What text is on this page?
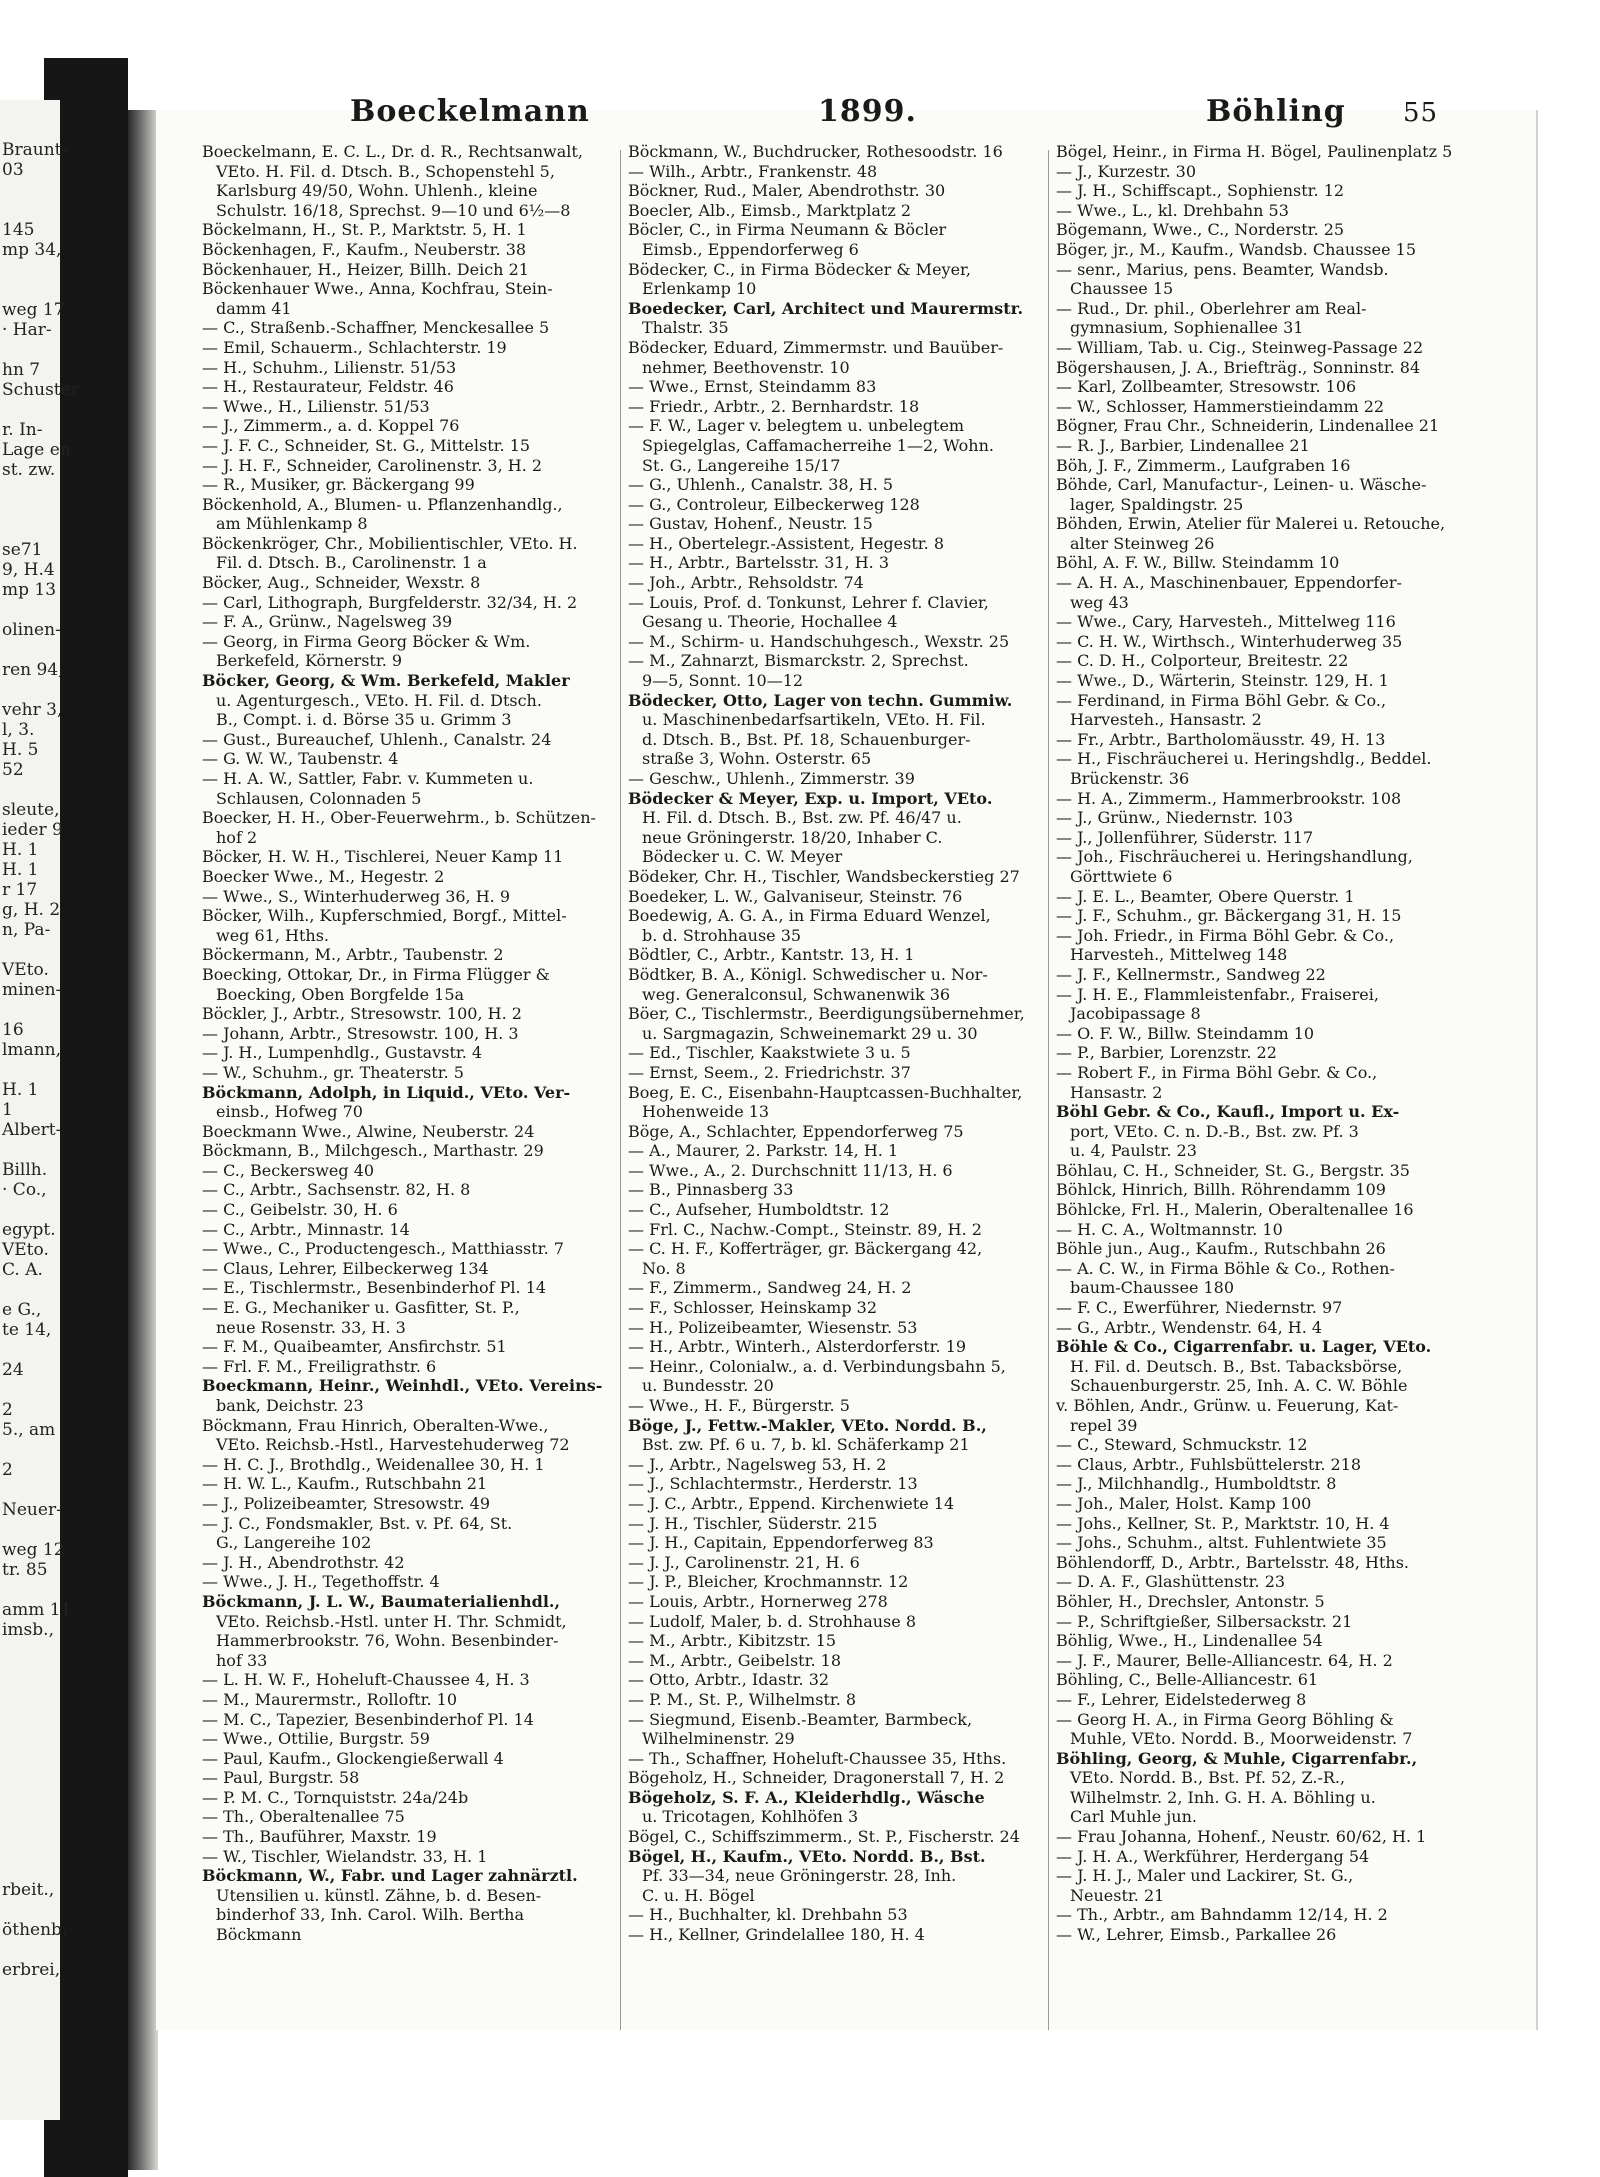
Braunt-
03
145
mp 34,
weg 17
· Har-
hn 7
Schuster
r. In-
Lage en
st. zw.
se71
9, H.4
mp 13
olinen-
ren 94,
vehr 3,
l, 3.
H. 5
52
sleute,
ieder 9
H. 1
H. 1
r 17
g, H. 2
n, Pa-
VEto.
minen-
16
lmann,
H. 1
1
Albert-
Billh.
· Co.,
egypt.
VEto.
C. A.
e G.,
te 14,
24
2
5., am
2
Neuer-
weg 12
tr. 85
amm 11
imsb.,
rbeit.,
öthenb.
erbrei,
Boeckelmann	1899.	Böhling 55
Boeckelmann, E. C. L., Dr. d. R., Rechtsanwalt,
VEto. H. Fil. d. Dtsch. B., Schopenstehl 5,
Karlsburg 49/50, Wohn. Uhlenh., kleine
Schulstr. 16/18, Sprechst. 9—10 und 6½—8
Böckelmann, H., St. P., Marktstr. 5, H. 1
Böckenhagen, F., Kaufm., Neuberstr. 38
Böckenhauer, H., Heizer, Billh. Deich 21
Böckenhauer Wwe., Anna, Kochfrau, Stein-
damm 41
— C., Straßenb.-Schaffner, Menckesallee 5
— Emil, Schauerm., Schlachterstr. 19
— H., Schuhm., Lilienstr. 51/53
— H., Restaurateur, Feldstr. 46
— Wwe., H., Lilienstr. 51/53
— J., Zimmerm., a. d. Koppel 76
— J. F. C., Schneider, St. G., Mittelstr. 15
— J. H. F., Schneider, Carolinenstr. 3, H. 2
— R., Musiker, gr. Bäckergang 99
Böckenhold, A., Blumen- u. Pflanzenhandlg.,
am Mühlenkamp 8
Böckenkröger, Chr., Mobilientischler, VEto. H.
Fil. d. Dtsch. B., Carolinenstr. 1 a
Böcker, Aug., Schneider, Wexstr. 8
— Carl, Lithograph, Burgfelderstr. 32/34, H. 2
— F. A., Grünw., Nagelsweg 39
— Georg, in Firma Georg Böcker & Wm.
Berkefeld, Körnerstr. 9
Böcker, Georg, & Wm. Berkefeld, Makler
u. Agenturgesch., VEto. H. Fil. d. Dtsch.
B., Compt. i. d. Börse 35 u. Grimm 3
— Gust., Bureauchef, Uhlenh., Canalstr. 24
— G. W. W., Taubenstr. 4
— H. A. W., Sattler, Fabr. v. Kummeten u.
Schlausen, Colonnaden 5
Boecker, H. H., Ober-Feuerwehrm., b. Schützen-
hof 2
Böcker, H. W. H., Tischlerei, Neuer Kamp 11
Boecker Wwe., M., Hegestr. 2
— Wwe., S., Winterhuderweg 36, H. 9
Böcker, Wilh., Kupferschmied, Borgf., Mittel-
weg 61, Hths.
Böckermann, M., Arbtr., Taubenstr. 2
Boecking, Ottokar, Dr., in Firma Flügger &
Boecking, Oben Borgfelde 15a
Böckler, J., Arbtr., Stresowstr. 100, H. 2
— Johann, Arbtr., Stresowstr. 100, H. 3
— J. H., Lumpenhdlg., Gustavstr. 4
— W., Schuhm., gr. Theaterstr. 5
Böckmann, Adolph, in Liquid., VEto. Ver-
einsb., Hofweg 70
Boeckmann Wwe., Alwine, Neuberstr. 24
Böckmann, B., Milchgesch., Marthastr. 29
— C., Beckersweg 40
— C., Arbtr., Sachsenstr. 82, H. 8
— C., Geibelstr. 30, H. 6
— C., Arbtr., Minnastr. 14
— Wwe., C., Productengesch., Matthiasstr. 7
— Claus, Lehrer, Eilbeckerweg 134
— E., Tischlermstr., Besenbinderhof Pl. 14
— E. G., Mechaniker u. Gasfitter, St. P.,
neue Rosenstr. 33, H. 3
— F. M., Quaibeamter, Ansfirchstr. 51
— Frl. F. M., Freiligrathstr. 6
Boeckmann, Heinr., Weinhdl., VEto. Vereins-
bank, Deichstr. 23
Böckmann, Frau Hinrich, Oberalten-Wwe.,
VEto. Reichsb.-Hstl., Harvestehuderweg 72
— H. C. J., Brothdlg., Weidenallee 30, H. 1
— H. W. L., Kaufm., Rutschbahn 21
— J., Polizeibeamter, Stresowstr. 49
— J. C., Fondsmakler, Bst. v. Pf. 64, St.
G., Langereihe 102
— J. H., Abendrothstr. 42
— Wwe., J. H., Tegethoffstr. 4
Böckmann, J. L. W., Baumaterialienhdl.,
VEto. Reichsb.-Hstl. unter H. Thr. Schmidt,
Hammerbrookstr. 76, Wohn. Besenbinder-
hof 33
— L. H. W. F., Hoheluft-Chaussee 4, H. 3
— M., Maurermstr., Rolloftr. 10
— M. C., Tapezier, Besenbinderhof Pl. 14
— Wwe., Ottilie, Burgstr. 59
— Paul, Kaufm., Glockengießerwall 4
— Paul, Burgstr. 58
— P. M. C., Tornquiststr. 24a/24b
— Th., Oberaltenallee 75
— Th., Bauführer, Maxstr. 19
— W., Tischler, Wielandstr. 33, H. 1
Böckmann, W., Fabr. und Lager zahnärztl.
Utensilien u. künstl. Zähne, b. d. Besen-
binderhof 33, Inh. Carol. Wilh. Bertha
Böckmann
Böckmann, W., Buchdrucker, Rothesoodstr. 16
— Wilh., Arbtr., Frankenstr. 48
Böckner, Rud., Maler, Abendrothstr. 30
Boecler, Alb., Eimsb., Marktplatz 2
Böcler, C., in Firma Neumann & Böcler
Eimsb., Eppendorferweg 6
Bödecker, C., in Firma Bödecker & Meyer,
Erlenkamp 10
Boedecker, Carl, Architect und Maurermstr.
Thalstr. 35
Bödecker, Eduard, Zimmermstr. und Bauüber-
nehmer, Beethovenstr. 10
— Wwe., Ernst, Steindamm 83
— Friedr., Arbtr., 2. Bernhardstr. 18
— F. W., Lager v. belegtem u. unbelegtem
Spiegelglas, Caffamacherreihe 1—2, Wohn.
St. G., Langereihe 15/17
— G., Uhlenh., Canalstr. 38, H. 5
— G., Controleur, Eilbeckerweg 128
— Gustav, Hohenf., Neustr. 15
— H., Obertelegr.-Assistent, Hegestr. 8
— H., Arbtr., Bartelsstr. 31, H. 3
— Joh., Arbtr., Rehsoldstr. 74
— Louis, Prof. d. Tonkunst, Lehrer f. Clavier,
Gesang u. Theorie, Hochallee 4
— M., Schirm- u. Handschuhgesch., Wexstr. 25
— M., Zahnarzt, Bismarckstr. 2, Sprechst.
9—5, Sonnt. 10—12
Bödecker, Otto, Lager von techn. Gummiw.
u. Maschinenbedarfsartikeln, VEto. H. Fil.
d. Dtsch. B., Bst. Pf. 18, Schauenburger-
straße 3, Wohn. Osterstr. 65
— Geschw., Uhlenh., Zimmerstr. 39
Bödecker & Meyer, Exp. u. Import, VEto.
H. Fil. d. Dtsch. B., Bst. zw. Pf. 46/47 u.
neue Gröningerstr. 18/20, Inhaber C.
Bödecker u. C. W. Meyer
Bödeker, Chr. H., Tischler, Wandsbeckerstieg 27
Boedeker, L. W., Galvaniseur, Steinstr. 76
Boedewig, A. G. A., in Firma Eduard Wenzel,
b. d. Strohhause 35
Bödtler, C., Arbtr., Kantstr. 13, H. 1
Bödtker, B. A., Königl. Schwedischer u. Nor-
weg. Generalconsul, Schwanenwik 36
Böer, C., Tischlermstr., Beerdigungsübernehmer,
u. Sargmagazin, Schweinemarkt 29 u. 30
— Ed., Tischler, Kaakstwiete 3 u. 5
— Ernst, Seem., 2. Friedrichstr. 37
Boeg, E. C., Eisenbahn-Hauptcassen-Buchhalter,
Hohenweide 13
Böge, A., Schlachter, Eppendorferweg 75
— A., Maurer, 2. Parkstr. 14, H. 1
— Wwe., A., 2. Durchschnitt 11/13, H. 6
— B., Pinnasberg 33
— C., Aufseher, Humboldtstr. 12
— Frl. C., Nachw.-Compt., Steinstr. 89, H. 2
— C. H. F., Kofferträger, gr. Bäckergang 42,
No. 8
— F., Zimmerm., Sandweg 24, H. 2
— F., Schlosser, Heinskamp 32
— H., Polizeibeamter, Wiesenstr. 53
— H., Arbtr., Winterh., Alsterdorferstr. 19
— Heinr., Colonialw., a. d. Verbindungsbahn 5,
u. Bundesstr. 20
— Wwe., H. F., Bürgerstr. 5
Böge, J., Fettw.-Makler, VEto. Nordd. B.,
Bst. zw. Pf. 6 u. 7, b. kl. Schäferkamp 21
— J., Arbtr., Nagelsweg 53, H. 2
— J., Schlachtermstr., Herderstr. 13
— J. C., Arbtr., Eppend. Kirchenwiete 14
— J. H., Tischler, Süderstr. 215
— J. H., Capitain, Eppendorferweg 83
— J. J., Carolinenstr. 21, H. 6
— J. P., Bleicher, Krochmannstr. 12
— Louis, Arbtr., Hornerweg 278
— Ludolf, Maler, b. d. Strohhause 8
— M., Arbtr., Kibitzstr. 15
— M., Arbtr., Geibelstr. 18
— Otto, Arbtr., Idastr. 32
— P. M., St. P., Wilhelmstr. 8
— Siegmund, Eisenb.-Beamter, Barmbeck,
Wilhelminenstr. 29
— Th., Schaffner, Hoheluft-Chaussee 35, Hths.
Bögeholz, H., Schneider, Dragonerstall 7, H. 2
Bögeholz, S. F. A., Kleiderhdlg., Wäsche
u. Tricotagen, Kohlhöfen 3
Bögel, C., Schiffszimmerm., St. P., Fischerstr. 24
Bögel, H., Kaufm., VEto. Nordd. B., Bst.
Pf. 33—34, neue Gröningerstr. 28, Inh.
C. u. H. Bögel
— H., Buchhalter, kl. Drehbahn 53
— H., Kellner, Grindelallee 180, H. 4
Bögel, Heinr., in Firma H. Bögel, Paulinenplatz 5
— J., Kurzestr. 30
— J. H., Schiffscapt., Sophienstr. 12
— Wwe., L., kl. Drehbahn 53
Bögemann, Wwe., C., Norderstr. 25
Böger, jr., M., Kaufm., Wandsb. Chaussee 15
— senr., Marius, pens. Beamter, Wandsb.
Chaussee 15
— Rud., Dr. phil., Oberlehrer am Real-
gymnasium, Sophienallee 31
— William, Tab. u. Cig., Steinweg-Passage 22
Bögershausen, J. A., Briefträg., Sonninstr. 84
— Karl, Zollbeamter, Stresowstr. 106
— W., Schlosser, Hammerstieindamm 22
Bögner, Frau Chr., Schneiderin, Lindenallee 21
— R. J., Barbier, Lindenallee 21
Böh, J. F., Zimmerm., Laufgraben 16
Böhde, Carl, Manufactur-, Leinen- u. Wäsche-
lager, Spaldingstr. 25
Böhden, Erwin, Atelier für Malerei u. Retouche,
alter Steinweg 26
Böhl, A. F. W., Billw. Steindamm 10
— A. H. A., Maschinenbauer, Eppendorfer-
weg 43
— Wwe., Cary, Harvesteh., Mittelweg 116
— C. H. W., Wirthsch., Winterhuderweg 35
— C. D. H., Colporteur, Breitestr. 22
— Wwe., D., Wärterin, Steinstr. 129, H. 1
— Ferdinand, in Firma Böhl Gebr. & Co.,
Harvesteh., Hansastr. 2
— Fr., Arbtr., Bartholomäusstr. 49, H. 13
— H., Fischräucherei u. Heringshdlg., Beddel.
Brückenstr. 36
— H. A., Zimmerm., Hammerbrookstr. 108
— J., Grünw., Niedernstr. 103
— J., Jollenführer, Süderstr. 117
— Joh., Fischräucherei u. Heringshandlung,
Görttwiete 6
— J. E. L., Beamter, Obere Querstr. 1
— J. F., Schuhm., gr. Bäckergang 31, H. 15
— Joh. Friedr., in Firma Böhl Gebr. & Co.,
Harvesteh., Mittelweg 148
— J. F., Kellnermstr., Sandweg 22
— J. H. E., Flammleistenfabr., Fraiserei,
Jacobipassage 8
— O. F. W., Billw. Steindamm 10
— P., Barbier, Lorenzstr. 22
— Robert F., in Firma Böhl Gebr. & Co.,
Hansastr. 2
Böhl Gebr. & Co., Kaufl., Import u. Ex-
port, VEto. C. n. D.-B., Bst. zw. Pf. 3
u. 4, Paulstr. 23
Böhlau, C. H., Schneider, St. G., Bergstr. 35
Böhlck, Hinrich, Billh. Röhrendamm 109
Böhlcke, Frl. H., Malerin, Oberaltenallee 16
— H. C. A., Woltmannstr. 10
Böhle jun., Aug., Kaufm., Rutschbahn 26
— A. C. W., in Firma Böhle & Co., Rothen-
baum-Chaussee 180
— F. C., Ewerführer, Niedernstr. 97
— G., Arbtr., Wendenstr. 64, H. 4
Böhle & Co., Cigarrenfabr. u. Lager, VEto.
H. Fil. d. Deutsch. B., Bst. Tabacksbörse,
Schauenburgerstr. 25, Inh. A. C. W. Böhle
v. Böhlen, Andr., Grünw. u. Feuerung, Kat-
repel 39
— C., Steward, Schmuckstr. 12
— Claus, Arbtr., Fuhlsbüttelerstr. 218
— J., Milchhandlg., Humboldtstr. 8
— Joh., Maler, Holst. Kamp 100
— Johs., Kellner, St. P., Marktstr. 10, H. 4
— Johs., Schuhm., altst. Fuhlentwiete 35
Böhlendorff, D., Arbtr., Bartelsstr. 48, Hths.
— D. A. F., Glashüttenstr. 23
Böhler, H., Drechsler, Antonstr. 5
— P., Schriftgießer, Silbersackstr. 21
Böhlig, Wwe., H., Lindenallee 54
— J. F., Maurer, Belle-Alliancestr. 64, H. 2
Böhling, C., Belle-Alliancestr. 61
— F., Lehrer, Eidelstederweg 8
— Georg H. A., in Firma Georg Böhling &
Muhle, VEto. Nordd. B., Moorweidenstr. 7
Böhling, Georg, & Muhle, Cigarrenfabr.,
VEto. Nordd. B., Bst. Pf. 52, Z.-R.,
Wilhelmstr. 2, Inh. G. H. A. Böhling u.
Carl Muhle jun.
— Frau Johanna, Hohenf., Neustr. 60/62, H. 1
— J. H. A., Werkführer, Herdergang 54
— J. H. J., Maler und Lackirer, St. G.,
Neuestr. 21
— Th., Arbtr., am Bahndamm 12/14, H. 2
— W., Lehrer, Eimsb., Parkallee 26
